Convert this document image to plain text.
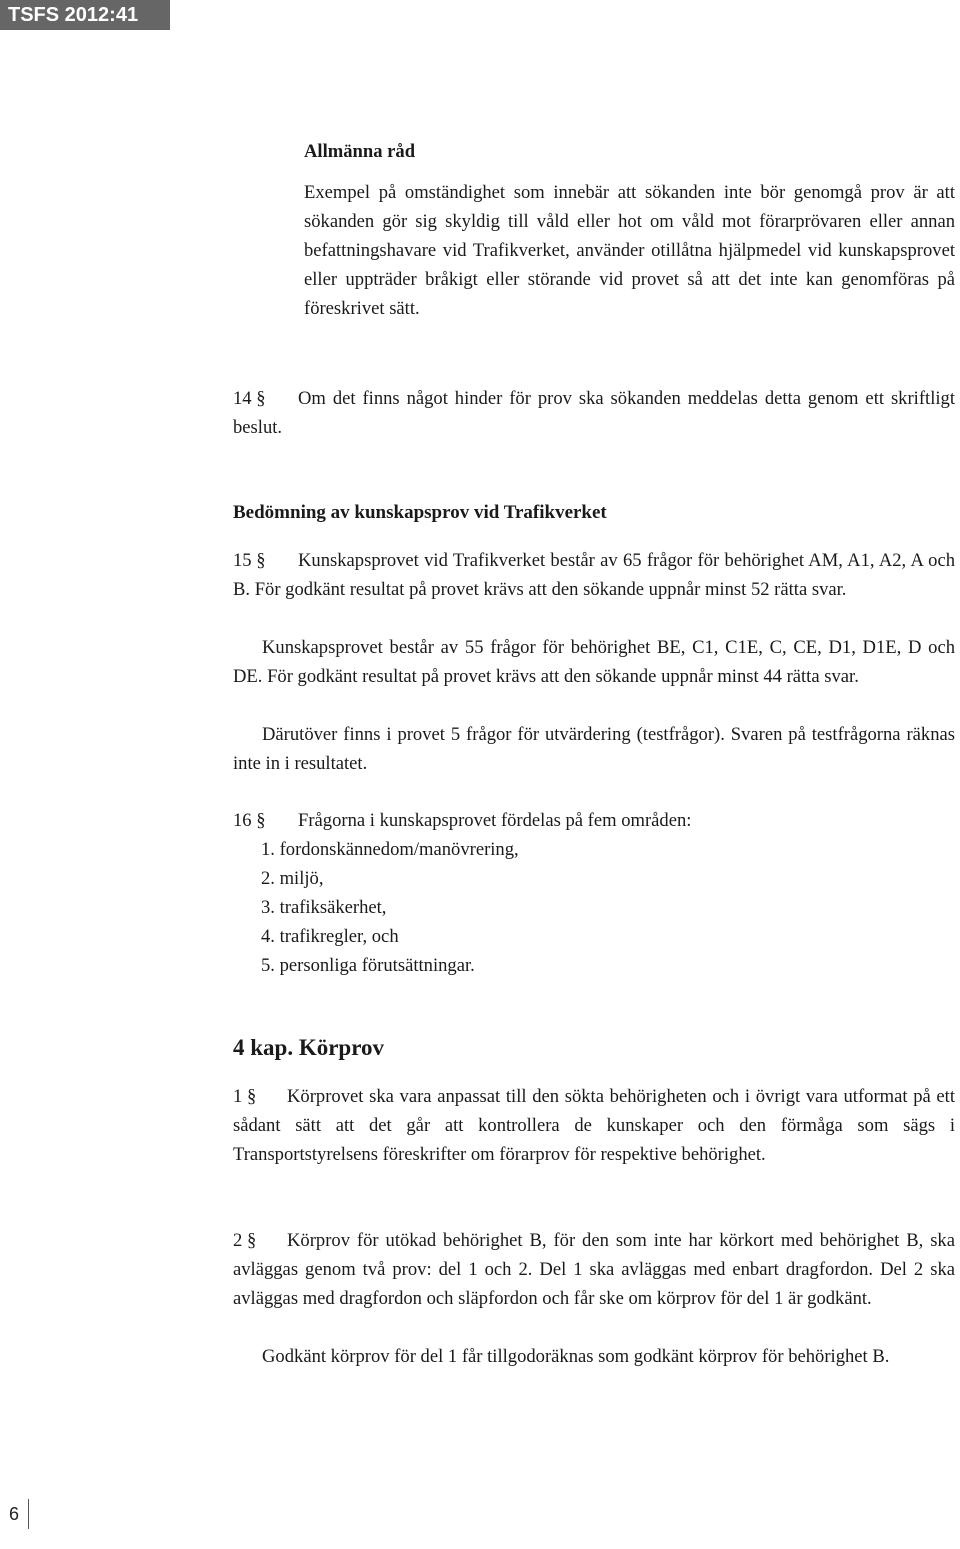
TSFS 2012:41

Allmänna råd

Exempel på omständighet som innebär att sökanden inte bör genomgå prov är att sökanden gör sig skyldig till våld eller hot om våld mot förarprövaren eller annan befattningshavare vid Trafikverket, använder otillåtna hjälpmedel vid kunskapsprovet eller uppträder bråkigt eller störande vid provet så att det inte kan genomföras på föreskrivet sätt.

14 § Om det finns något hinder för prov ska sökanden meddelas detta genom ett skriftligt beslut.

Bedömning av kunskapsprov vid Trafikverket

15 § Kunskapsprovet vid Trafikverket består av 65 frågor för behörighet AM, A1, A2, A och B. För godkänt resultat på provet krävs att den sökande uppnår minst 52 rätta svar.

Kunskapsprovet består av 55 frågor för behörighet BE, C1, C1E, C, CE, D1, D1E, D och DE. För godkänt resultat på provet krävs att den sökande uppnår minst 44 rätta svar.

Därutöver finns i provet 5 frågor för utvärdering (testfrågor). Svaren på testfrågorna räknas inte in i resultatet.

16 § Frågorna i kunskapsprovet fördelas på fem områden:

1. fordonskännedom/manövrering,
2. miljö,
3. trafiksäkerhet,
4. trafikregler, och
5. personliga förutsättningar.

4 kap. Körprov

1 § Körprovet ska vara anpassat till den sökta behörigheten och i övrigt vara utformat på ett sådant sätt att det går att kontrollera de kunskaper och den förmåga som sägs i Transportstyrelsens föreskrifter om förarprov för respektive behörighet.

2 § Körprov för utökad behörighet B, för den som inte har körkort med behörighet B, ska avläggas genom två prov: del 1 och 2. Del 1 ska avläggas med enbart dragfordon. Del 2 ska avläggas med dragfordon och släpfordon och får ske om körprov för del 1 är godkänt.

Godkänt körprov för del 1 får tillgodoräknas som godkänt körprov för behörighet B.

6
